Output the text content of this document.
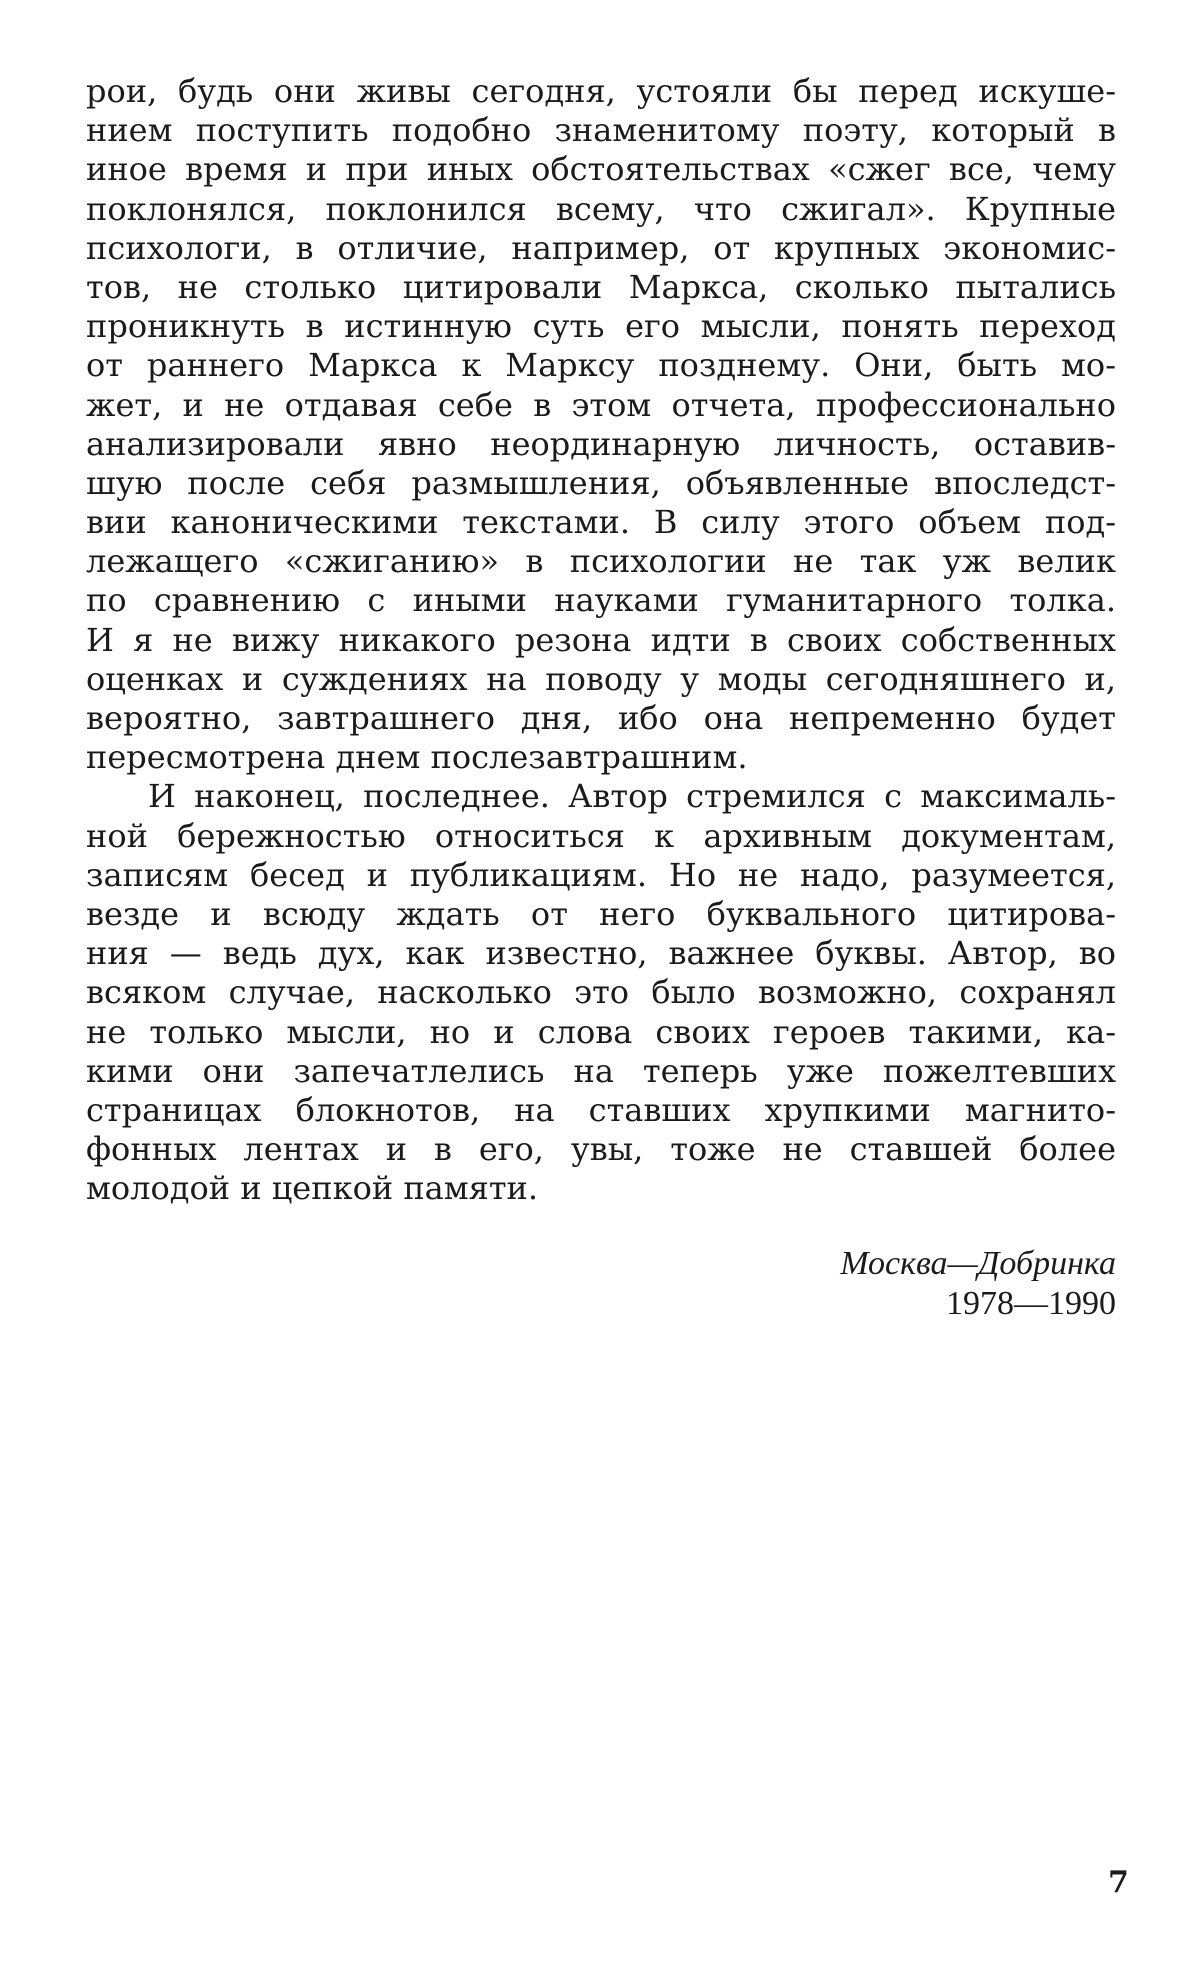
рои, будь они живы сегодня, устояли бы перед искуше-
нием поступить подобно знаменитому поэту, который в
иное время и при иных обстоятельствах «сжег все, чему
поклонялся, поклонился всему, что сжигал». Крупные
психологи, в отличие, например, от крупных экономис-
тов, не столько цитировали Маркса, сколько пытались
проникнуть в истинную суть его мысли, понять переход
от раннего Маркса к Марксу позднему. Они, быть мо-
жет, и не отдавая себе в этом отчета, профессионально
анализировали явно неординарную личность, оставив-
шую после себя размышления, объявленные впоследст-
вии каноническими текстами. В силу этого объем под-
лежащего «сжиганию» в психологии не так уж велик
по сравнению с иными науками гуманитарного толка.
И я не вижу никакого резона идти в своих собственных
оценках и суждениях на поводу у моды сегодняшнего и,
вероятно, завтрашнего дня, ибо она непременно будет
пересмотрена днем послезавтрашним.
И наконец, последнее. Автор стремился с максималь-
ной бережностью относиться к архивным документам,
записям бесед и публикациям. Но не надо, разумеется,
везде и всюду ждать от него буквального цитирова-
ния — ведь дух, как известно, важнее буквы. Автор, во
всяком случае, насколько это было возможно, сохранял
не только мысли, но и слова своих героев такими, ка-
кими они запечатлелись на теперь уже пожелтевших
страницах блокнотов, на ставших хрупкими магнито-
фонных лентах и в его, увы, тоже не ставшей более
молодой и цепкой памяти.
Москва—Добринка
1978—1990
7
